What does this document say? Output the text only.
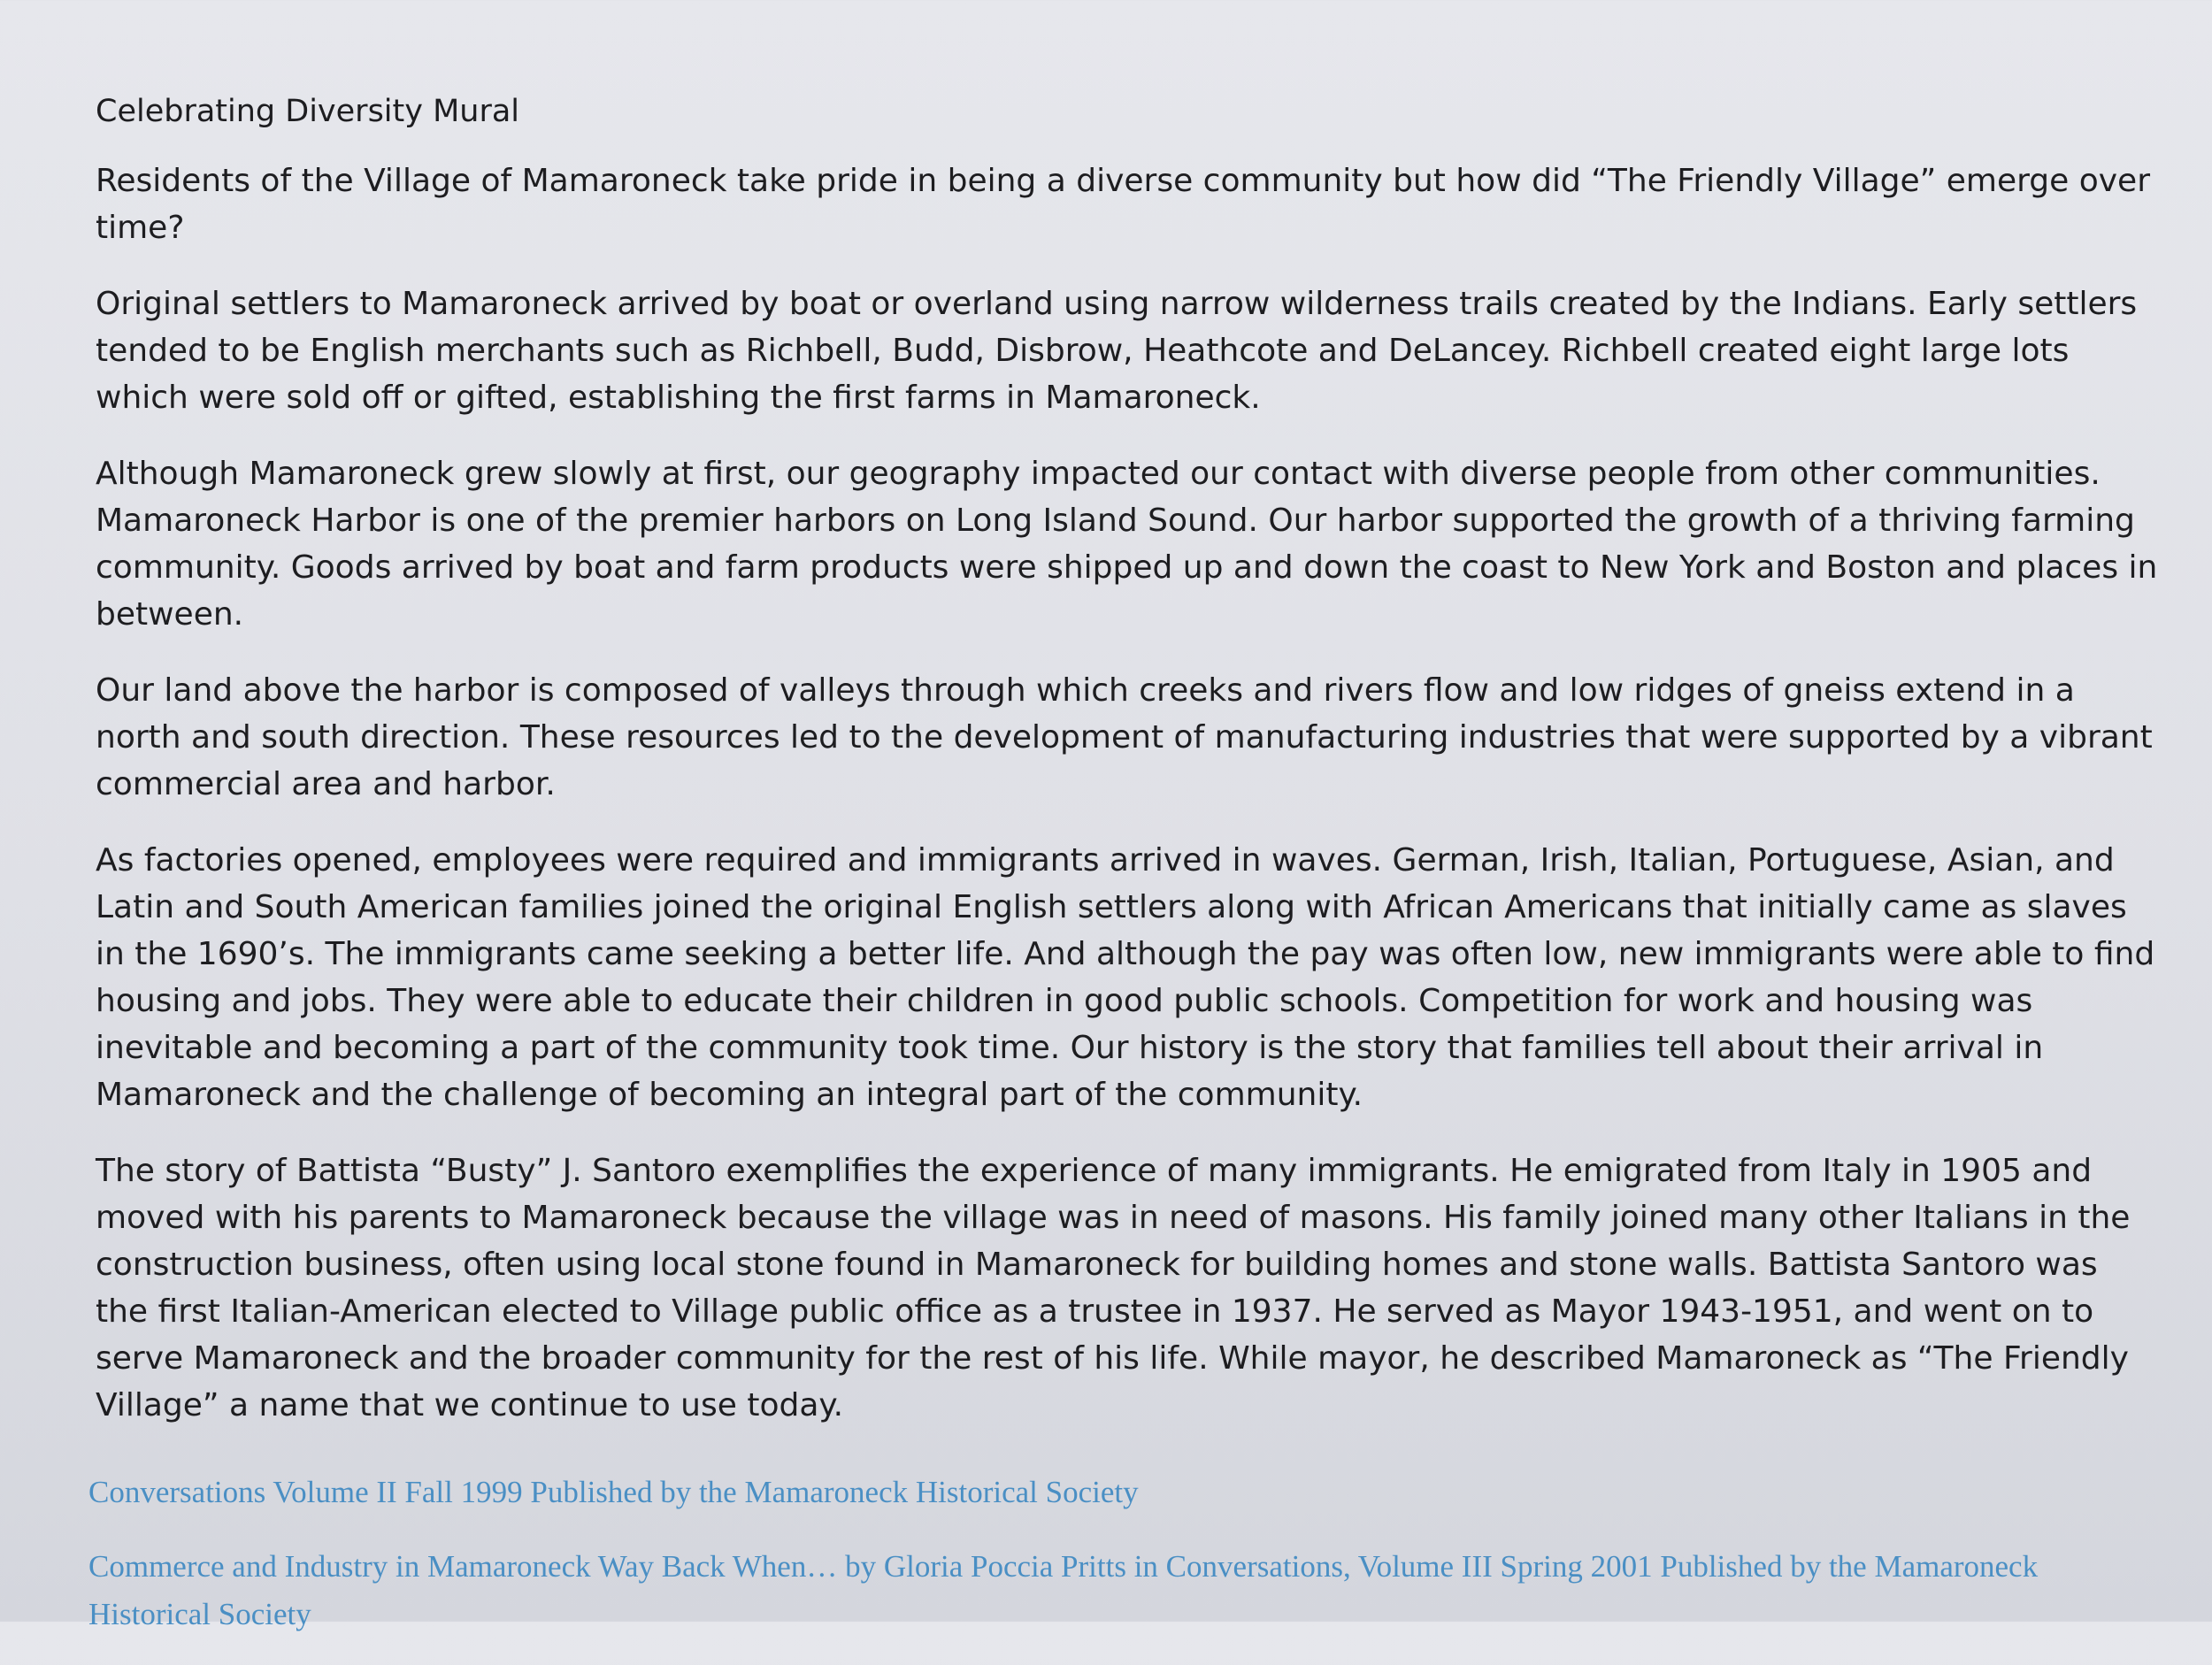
Celebrating Diversity Mural

Residents of the Village of Mamaroneck take pride in being a diverse community but how did “The Friendly Village” emerge over time?

Original settlers to Mamaroneck arrived by boat or overland using narrow wilderness trails created by the Indians. Early settlers tended to be English merchants such as Richbell, Budd, Disbrow, Heathcote and DeLancey. Richbell created eight large lots which were sold off or gifted, establishing the first farms in Mamaroneck.

Although Mamaroneck grew slowly at first, our geography impacted our contact with diverse people from other communities. Mamaroneck Harbor is one of the premier harbors on Long Island Sound. Our harbor supported the growth of a thriving farming community. Goods arrived by boat and farm products were shipped up and down the coast to New York and Boston and places in between.

Our land above the harbor is composed of valleys through which creeks and rivers flow and low ridges of gneiss extend in a north and south direction. These resources led to the development of manufacturing industries that were supported by a vibrant commercial area and harbor.

As factories opened, employees were required and immigrants arrived in waves. German, Irish, Italian, Portuguese, Asian, and Latin and South American families joined the original English settlers along with African Americans that initially came as slaves in the 1690’s. The immigrants came seeking a better life. And although the pay was often low, new immigrants were able to find housing and jobs. They were able to educate their children in good public schools. Competition for work and housing was inevitable and becoming a part of the community took time. Our history is the story that families tell about their arrival in Mamaroneck and the challenge of becoming an integral part of the community.

The story of Battista “Busty” J. Santoro exemplifies the experience of many immigrants. He emigrated from Italy in 1905 and moved with his parents to Mamaroneck because the village was in need of masons. His family joined many other Italians in the construction business, often using local stone found in Mamaroneck for building homes and stone walls. Battista Santoro was the first Italian-American elected to Village public office as a trustee in 1937. He served as Mayor 1943-1951, and went on to serve Mamaroneck and the broader community for the rest of his life. While mayor, he described Mamaroneck as “The Friendly Village” a name that we continue to use today.

Conversations Volume II Fall 1999 Published by the Mamaroneck Historical Society

Commerce and Industry in Mamaroneck Way Back When… by Gloria Poccia Pritts in Conversations, Volume III Spring 2001 Published by the Mamaroneck Historical Society
